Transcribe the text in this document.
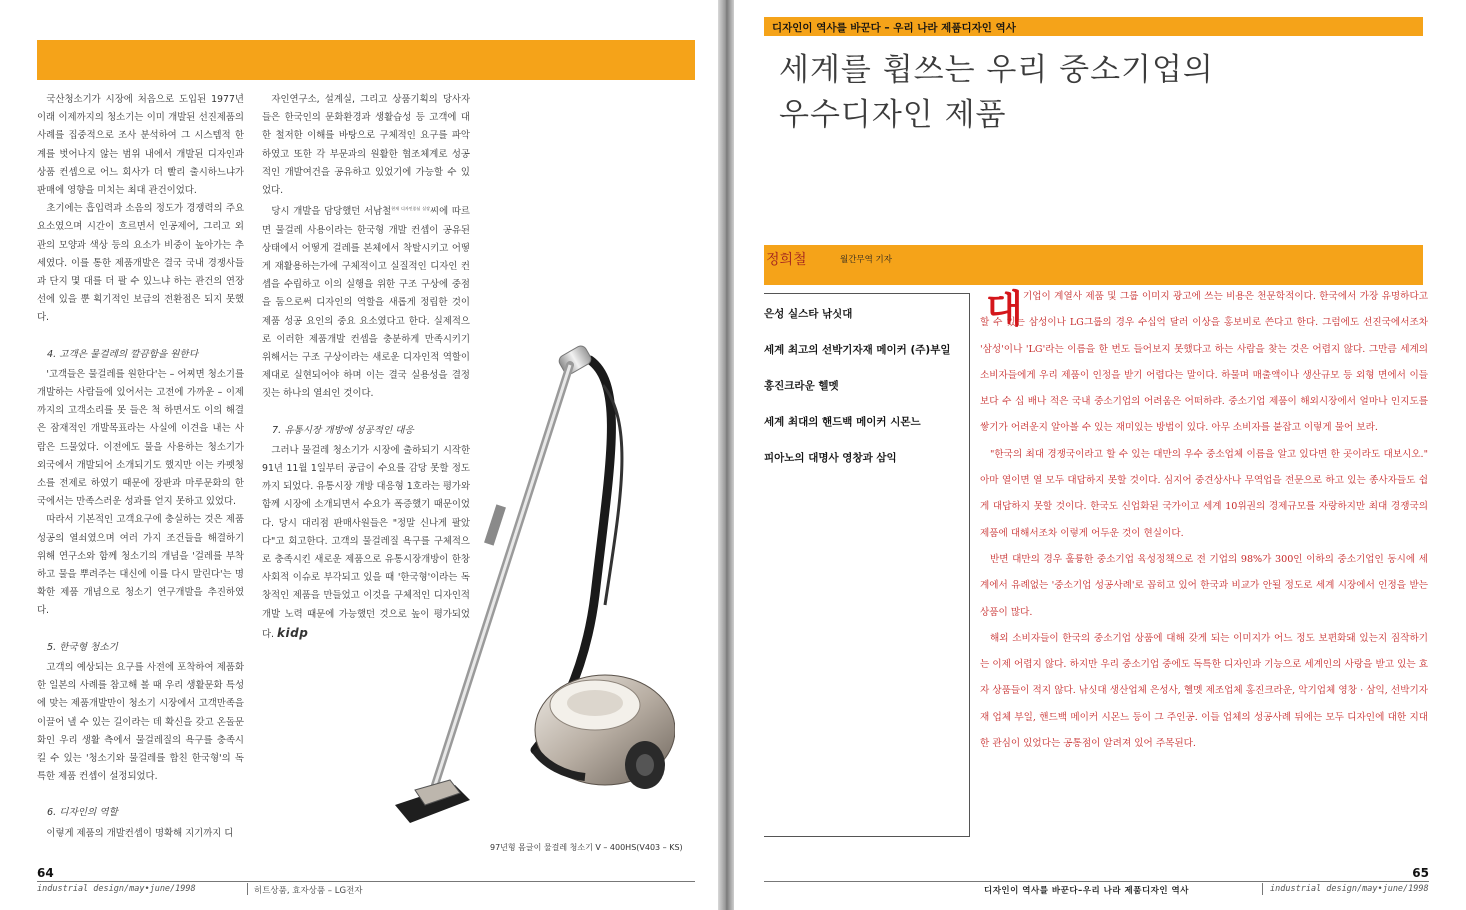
국산청소기가 시장에 처음으로 도입된 1977년 이래 이제까지의 청소기는 이미 개발된 선진제품의 사례를 집중적으로 조사 분석하여 그 시스템적 한계를 벗어나지 않는 범위 내에서 개발된 디자인과 상품 컨셉으로 어느 회사가 더 빨리 출시하느냐가 판매에 영향을 미치는 최대 관건이었다.

초기에는 흡입력과 소음의 정도가 경쟁력의 주요 요소였으며 시간이 흐르면서 인공제어, 그리고 외관의 모양과 색상 등의 요소가 비중이 높아가는 추세였다. 이를 통한 제품개발은 결국 국내 경쟁사들과 단지 몇 대를 더 팔 수 있느냐 하는 관건의 연장선에 있을 뿐 획기적인 보급의 전환점은 되지 못했다.

4. 고객은 물걸레의 깔끔함을 원한다

'고객들은 물걸레를 원한다'는 – 어찌면 청소기를 개발하는 사람들에 있어서는 고전에 가까운 – 이제까지의 고객소리를 못 들은 척 하면서도 이의 해결은 잠재적인 개발목표라는 사실에 이견을 내는 사람은 드물었다. 이전에도 물을 사용하는 청소기가 외국에서 개발되어 소개되기도 했지만 이는 카펫청소를 전제로 하였기 때문에 장판과 마루문화의 한국에서는 만족스러운 성과를 얻지 못하고 있었다.

따라서 기본적인 고객요구에 충실하는 것은 제품성공의 열쇠였으며 여러 가지 조건들을 해결하기 위해 연구소와 함께 청소기의 개념을 '걸레를 부착하고 물을 뿌려주는 대신에 이를 다시 말린다'는 명확한 제품 개념으로 청소기 연구개발을 추진하였다.

5. 한국형 청소기

고객의 예상되는 요구를 사전에 포착하여 제품화한 일본의 사례를 참고해 볼 때 우리 생활문화 특성에 맞는 제품개발만이 청소기 시장에서 고객만족을 이끌어 낼 수 있는 길이라는 데 확신을 갖고 온돌문화인 우리 생활 측에서 물걸레질의 욕구를 충족시킬 수 있는 '청소기와 물걸레를 합친 한국형'의 독특한 제품 컨셉이 설정되었다.

6. 디자인의 역할

이렇게 제품의 개발컨셉이 명확해 지기까지 디

자인연구소, 설계실, 그리고 상품기획의 당사자들은 한국인의 문화환경과 생활습성 등 고객에 대한 철저한 이해를 바탕으로 구체적인 요구를 파악하였고 또한 각 부문과의 원활한 협조체계로 성공적인 개발여건을 공유하고 있었기에 가능할 수 있었다.

당시 개발을 담당했던 서남철$^{현재 디자인종심 실장}$씨에 따르면 물걸레 사용이라는 한국형 개발 컨셉이 공유된 상태에서 어떻게 걸레를 본체에서 착탈시키고 어떻게 재활용하는가에 구체적이고 실질적인 디자인 컨셉을 수립하고 이의 실행을 위한 구조 구상에 중점을 둠으로써 디자인의 역할을 새롭게 정립한 것이 제품 성공 요인의 중요 요소였다고 한다. 실제적으로 이러한 제품개발 컨셉을 충분하게 만족시키기 위해서는 구조 구상이라는 새로운 디자인적 역할이 제대로 실현되어야 하며 이는 결국 실용성을 결정 짓는 하나의 열쇠인 것이다.

7. 유통시장 개방에 성공적인 대응

그러나 물걸레 청소기가 시장에 출하되기 시작한 91년 11월 1일부터 공급이 수요를 감당 못할 정도까지 되었다. 유통시장 개방 대응형 1호라는 평가와 함께 시장에 소개되면서 수요가 폭증했기 때문이었다. 당시 대리점 판매사원들은 "정말 신나게 팔았다"고 회고한다. 고객의 물걸레질 욕구를 구체적으로 충족시킨 새로운 제품으로 유통시장개방이 한창 사회적 이슈로 부각되고 있을 때 '한국형'이라는 독창적인 제품을 만들었고 이것을 구체적인 디자인적 개발 노력 때문에 가능했던 것으로 높이 평가되었다. kidp

97년형 몸글이 물걸레 청소기 V – 400HS(V403 – KS)
64
industrial design/may•june/1998	히트상품, 효자상품 – LG전자
디자인이 역사를 바꾼다 – 우리 나라 제품디자인 역사
세계를 휩쓰는 우리 중소기업의
우수디자인 제품
정희철	월간무역 기자
은성 실스타 낚싯대
세계 최고의 선박기자재 메이커 (주)부일
홍진크라운 헬멧
세계 최대의 핸드백 메이커 시몬느
피아노의 대명사 영창과 삼익
대 기업이 계열사 제품 및 그룹 이미지 광고에 쓰는 비용은 천문학적이다. 한국에서 가장 유명하다고 할 수 있는 삼성이나 LG그룹의 경우 수십억 달러 이상을 홍보비로 쓴다고 한다. 그럼에도 선진국에서조차 '삼성'이나 'LG'라는 이름을 한 번도 들어보지 못했다고 하는 사람을 찾는 것은 어렵지 않다. 그만큼 세계의 소비자들에게 우리 제품이 인정을 받기 어렵다는 말이다. 하물며 매출액이나 생산규모 등 외형 면에서 이들보다 수 십 배나 적은 국내 중소기업의 어려움은 어떠하랴. 중소기업 제품이 해외시장에서 얼마나 인지도를 쌓기가 어려운지 알아볼 수 있는 재미있는 방법이 있다. 아무 소비자를 붙잡고 이렇게 물어 보라.

"한국의 최대 경쟁국이라고 할 수 있는 대만의 우수 중소업체 이름을 알고 있다면 한 곳이라도 대보시오." 아마 열이면 열 모두 대답하지 못할 것이다. 심지어 중견상사나 무역업을 전문으로 하고 있는 종사자들도 쉽게 대답하지 못할 것이다. 한국도 신업화된 국가이고 세계 10위권의 경제규모를 자랑하지만 최대 경쟁국의 제품에 대해서조차 이렇게 어두운 것이 현실이다.

반면 대만의 경우 훌륭한 중소기업 육성정책으로 전 기업의 98%가 300인 이하의 중소기업인 동시에 세계에서 유례없는 '중소기업 성공사례'로 꼽히고 있어 한국과 비교가 안될 정도로 세계 시장에서 인정을 받는 상품이 많다.

해외 소비자들이 한국의 중소기업 상품에 대해 갖게 되는 이미지가 어느 정도 보편화돼 있는지 짐작하기는 이제 어렵지 않다. 하지만 우리 중소기업 중에도 독특한 디자인과 기능으로 세계인의 사랑을 받고 있는 효자 상품들이 적지 않다. 낚싯대 생산업체 은성사, 헬멧 제조업체 홍진크라운, 악기업체 영창 · 삼익, 선박기자재 업체 부일, 핸드백 메이커 시몬느 등이 그 주인공. 이들 업체의 성공사례 뒤에는 모두 디자인에 대한 지대한 관심이 있었다는 공통점이 알려져 있어 주목된다.

65
디자인이 역사를 바꾼다–우리 나라 제품디자인 역사	industrial design/may•june/1998
